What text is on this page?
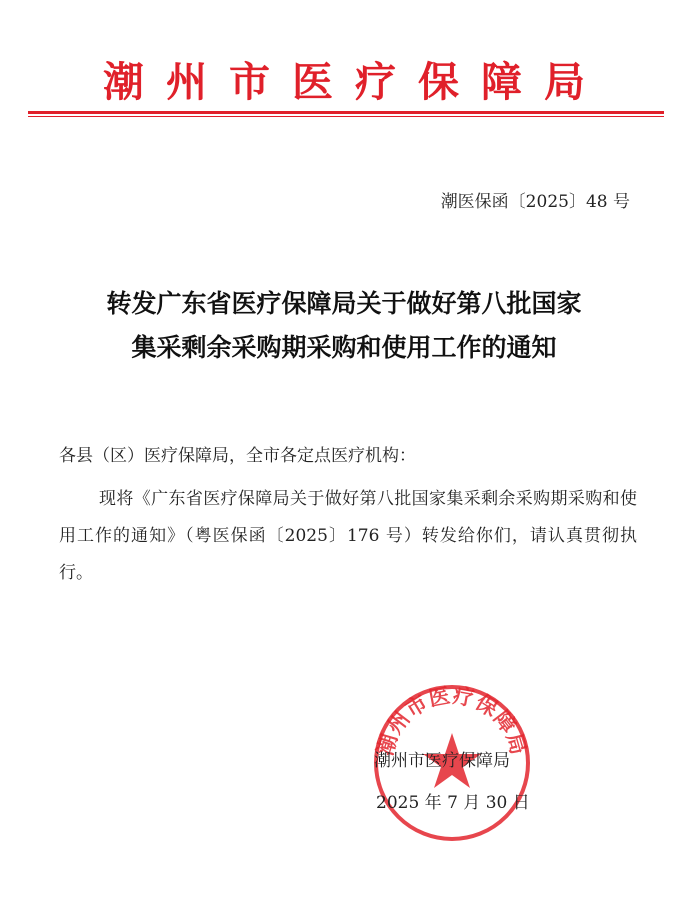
潮州市医疗保障局
潮医保函〔2025〕48 号
转发广东省医疗保障局关于做好第八批国家
集采剩余采购期采购和使用工作的通知
各县（区）医疗保障局，全市各定点医疗机构：
现将《广东省医疗保障局关于做好第八批国家集采剩余采购期采购和使用工作的通知》（粤医保函〔2025〕176 号）转发给你们，请认真贯彻执行。
潮州市医疗保障局
潮州市医疗保障局
2025 年 7 月 30 日
